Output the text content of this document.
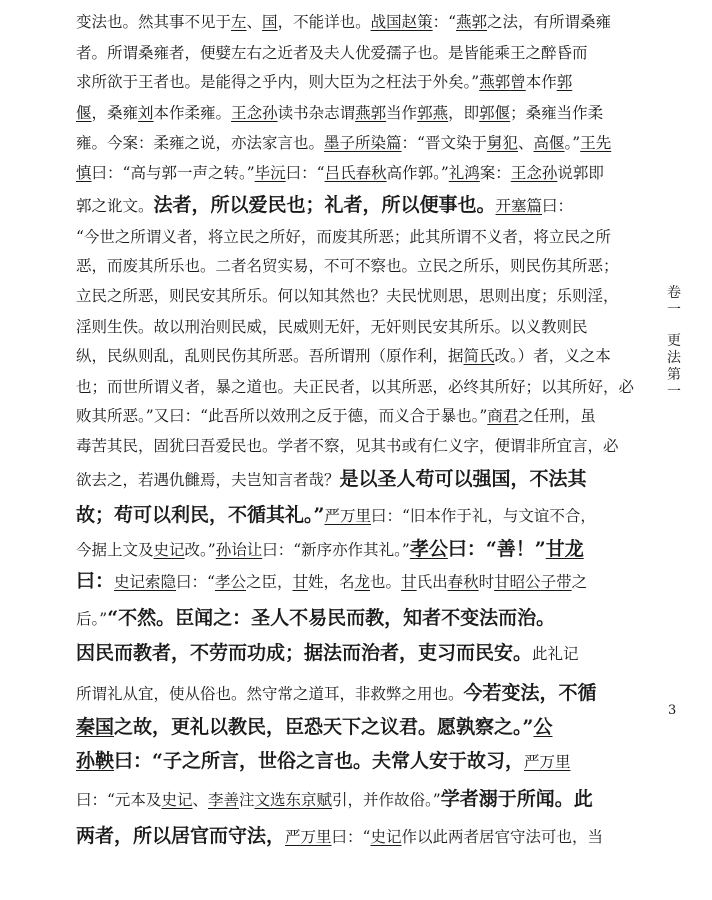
变法也。然其事不见于左、国，不能详也。战国赵策：“燕郭之法，有所谓桑雍
者。所谓桑雍者，便嬖左右之近者及夫人优爱孺子也。是皆能乘王之醉昏而
求所欲于王者也。是能得之乎内，则大臣为之枉法于外矣。”燕郭曾本作郭
偃，桑雍刘本作柔雍。王念孙读书杂志谓燕郭当作郭燕，即郭偃；桑雍当作柔
雍。今案：柔雍之说，亦法家言也。墨子所染篇：“晋文染于舅犯、高偃。”王先
慎曰：“高与郭一声之转。”毕沅曰：“吕氏春秋高作郭。”礼鸿案：王念孙说郭即
郭之讹文。法者，所以爱民也；礼者，所以便事也。开塞篇曰：
“今世之所谓义者，将立民之所好，而废其所恶；此其所谓不义者，将立民之所
恶，而废其所乐也。二者名贸实易，不可不察也。立民之所乐，则民伤其所恶；
立民之所恶，则民安其所乐。何以知其然也？夫民忧则思，思则出度；乐则淫，
淫则生佚。故以刑治则民威，民威则无奸，无奸则民安其所乐。以义教则民
纵，民纵则乱，乱则民伤其所恶。吾所谓刑（原作利，据简氏改。）者，义之本
也；而世所谓义者，暴之道也。夫正民者，以其所恶，必终其所好；以其所好，必
败其所恶。”又曰：“此吾所以效刑之反于德，而义合于暴也。”商君之任刑，虽
毒苦其民，固犹曰吾爱民也。学者不察，见其书或有仁义字，便谓非所宜言，必
欲去之，若遇仇雠焉，夫岂知言者哉？是以圣人苟可以强国，不法其
故；苟可以利民，不循其礼。”严万里曰：“旧本作于礼，与文谊不合，
今据上文及史记改。”孙诒让曰：“新序亦作其礼。”孝公曰：“善！”甘龙
曰：史记索隐曰：“孝公之臣，甘姓，名龙也。甘氏出春秋时甘昭公子带之
后。”“不然。臣闻之：圣人不易民而教，知者不变法而治。
因民而教者，不劳而功成；据法而治者，吏习而民安。此礼记
所谓礼从宜，使从俗也。然守常之道耳，非救弊之用也。今若变法，不循
秦国之故，更礼以教民，臣恐天下之议君。愿孰察之。”公
孙鞅曰：“子之所言，世俗之言也。夫常人安于故习，严万里
曰：“元本及史记、李善注文选东京赋引，并作故俗。”学者溺于所闻。此
两者，所以居官而守法，严万里曰：“史记作以此两者居官守法可也，当
卷
一
更
法
第
一
3
